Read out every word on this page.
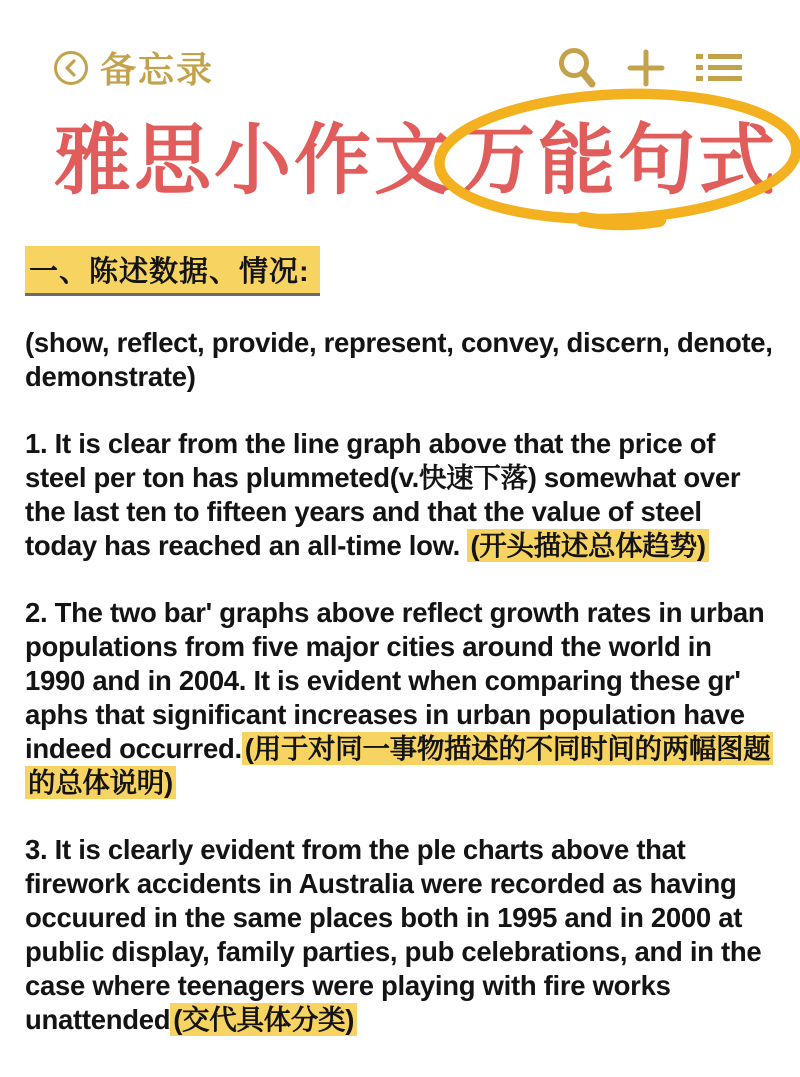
备忘录
雅思小作文
万能句式
一、陈述数据、情况:

(show, reflect, provide, represent, convey, discern, denote, demonstrate)

1. It is clear from the line graph above that the price of steel per ton has plummeted(v.快速下落) somewhat over the last ten to fifteen years and that the value of steel today has reached an all-time low. (开头描述总体趋势)

2. The two bar' graphs above reflect growth rates in urban populations from five major cities around the world in 1990 and in 2004. It is evident when comparing these gr' aphs that significant increases in urban population have indeed occurred. (用于对同一事物描述的不同时间的两幅图题的总体说明)

3. It is clearly evident from the ple charts above that firework accidents in Australia were recorded as having occuured in the same places both in 1995 and in 2000 at public display, family parties, pub celebrations, and in the case where teenagers were playing with fire works unattended (交代具体分类)
